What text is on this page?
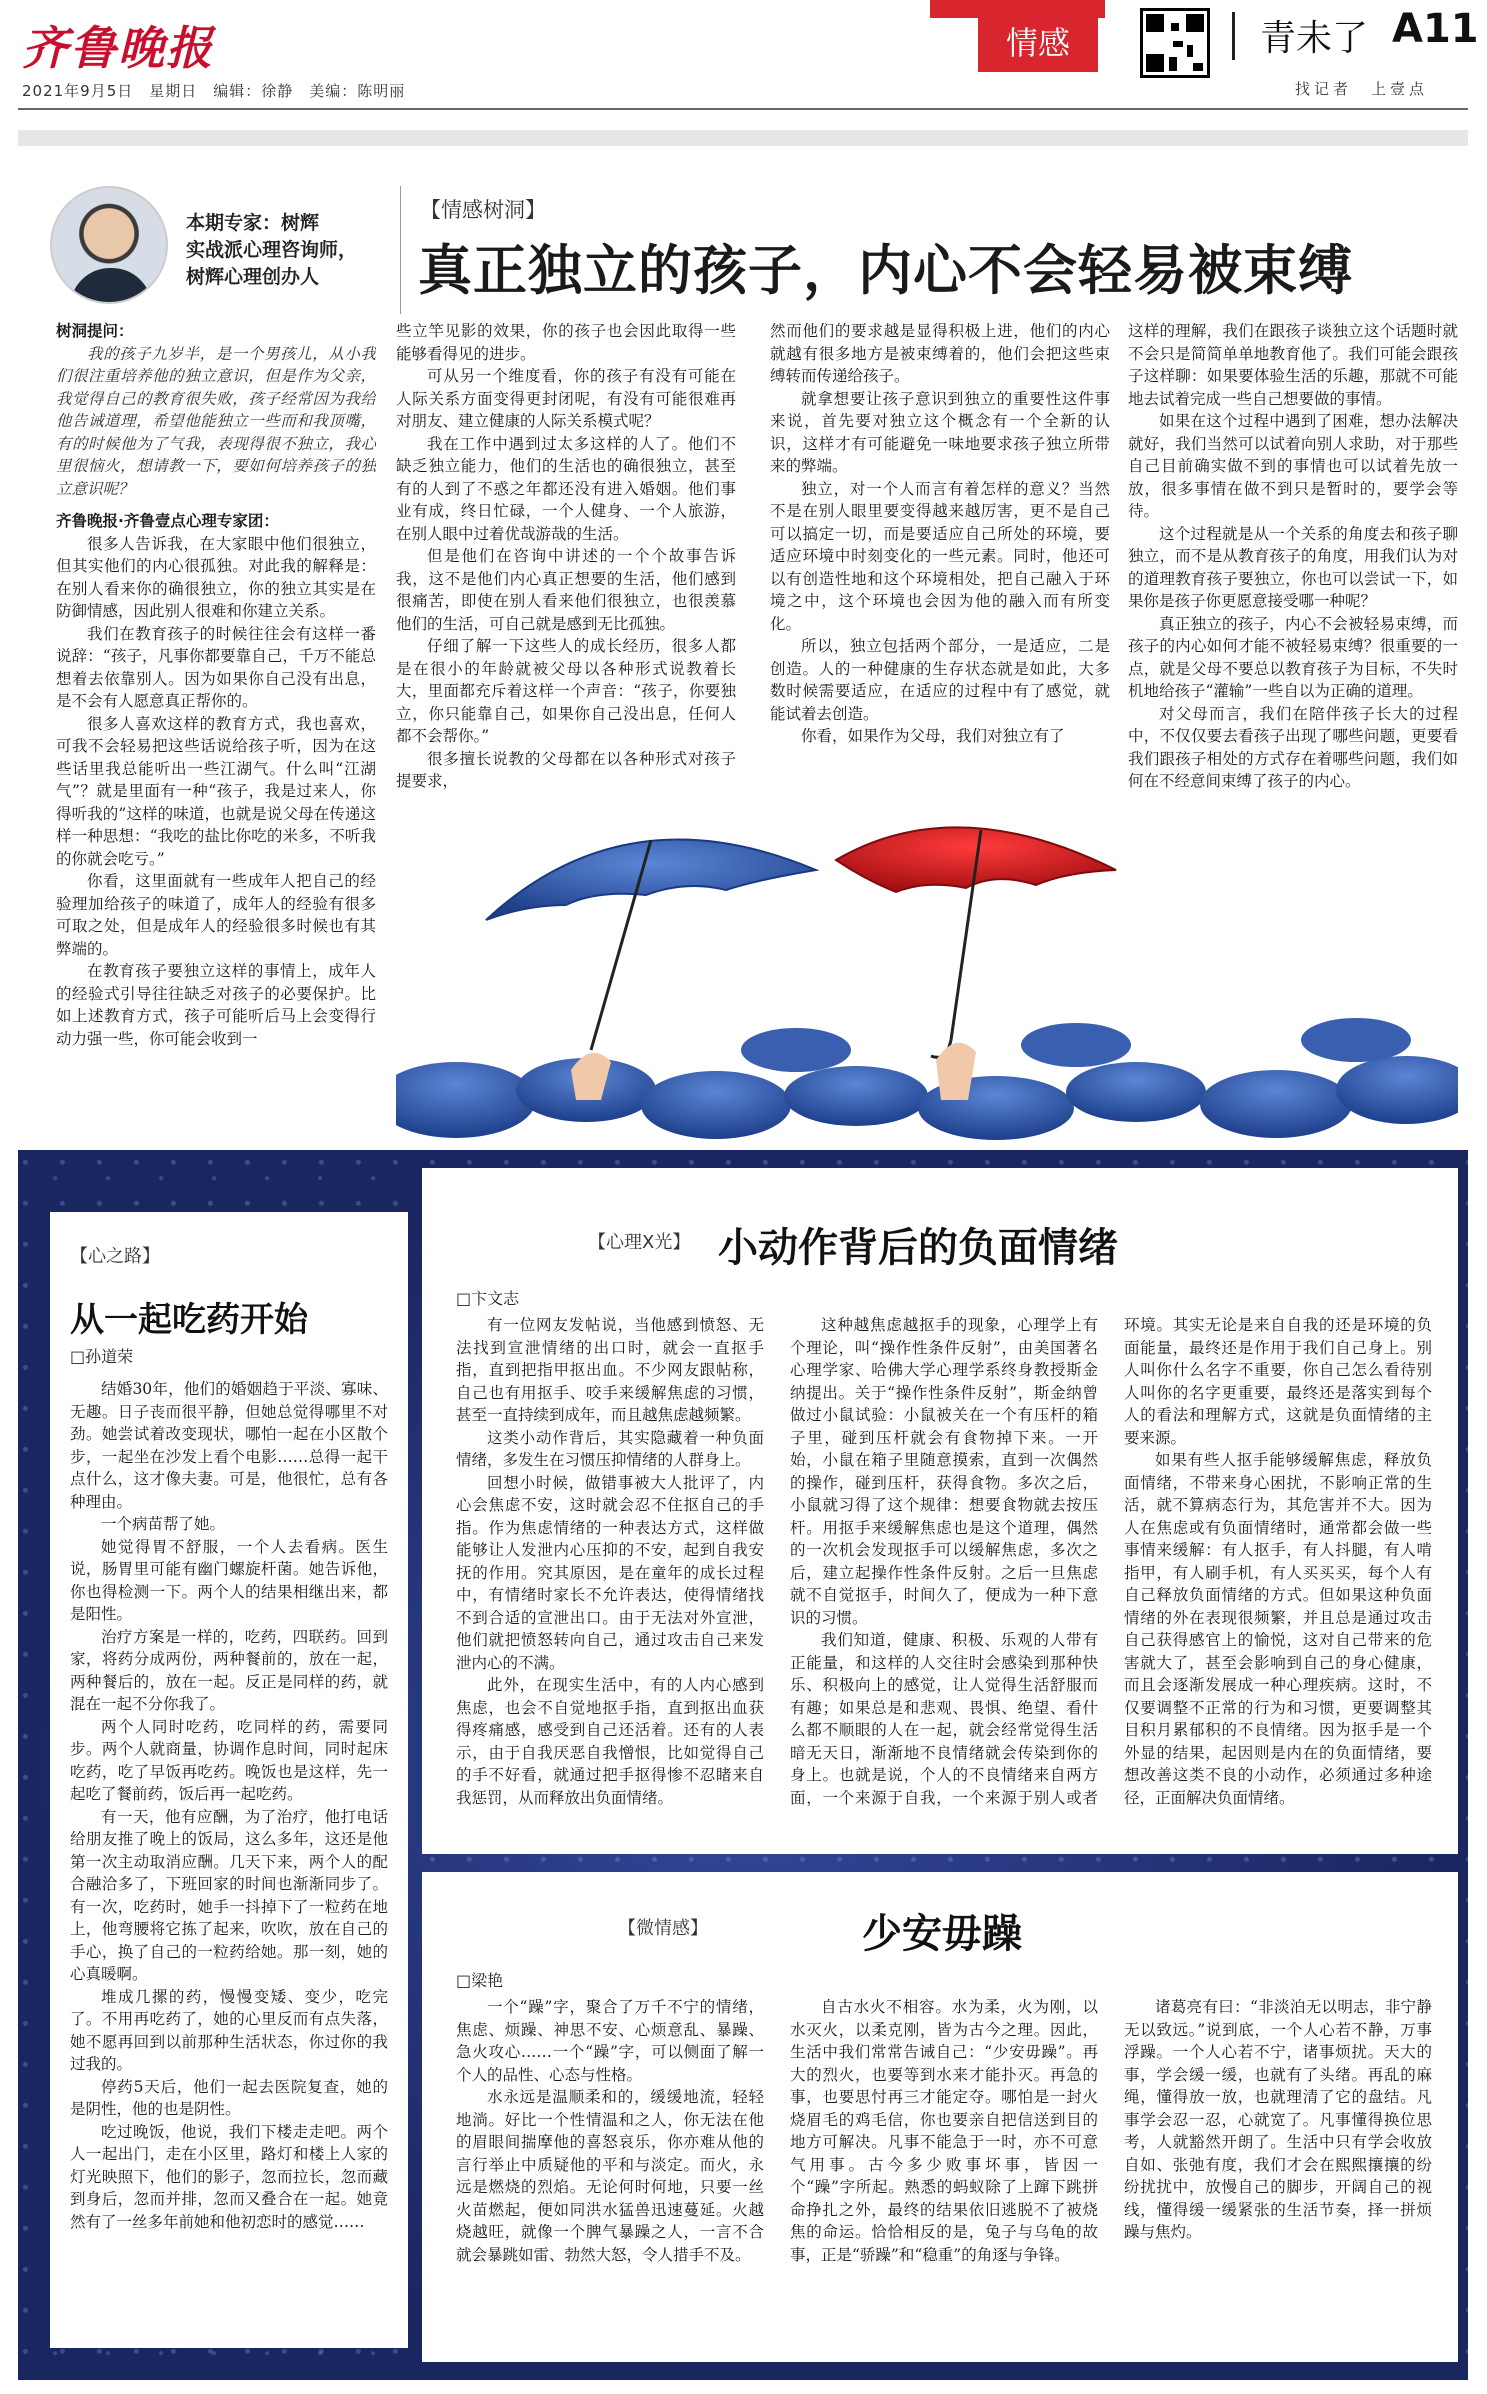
齐鲁晚报
2021年9月5日　星期日　编辑：徐静　美编：陈明丽
情感	青未了 A11
找记者　上壹点
本期专家：树辉
实战派心理咨询师，
树辉心理创办人
【情感树洞】
真正独立的孩子，内心不会轻易被束缚
树洞提问：

我的孩子九岁半，是一个男孩儿，从小我们很注重培养他的独立意识，但是作为父亲，我觉得自己的教育很失败，孩子经常因为我给他告诫道理，希望他能独立一些而和我顶嘴，有的时候他为了气我，表现得很不独立，我心里很恼火，想请教一下，要如何培养孩子的独立意识呢？

齐鲁晚报·齐鲁壹点心理专家团：

很多人告诉我，在大家眼中他们很独立，但其实他们的内心很孤独。对此我的解释是：在别人看来你的确很独立，你的独立其实是在防御情感，因此别人很难和你建立关系。

我们在教育孩子的时候往往会有这样一番说辞：“孩子，凡事你都要靠自己，千万不能总想着去依靠别人。因为如果你自己没有出息，是不会有人愿意真正帮你的。

很多人喜欢这样的教育方式，我也喜欢，可我不会轻易把这些话说给孩子听，因为在这些话里我总能听出一些江湖气。什么叫“江湖气”？就是里面有一种“孩子，我是过来人，你得听我的”这样的味道，也就是说父母在传递这样一种思想：“我吃的盐比你吃的米多，不听我的你就会吃亏。”

你看，这里面就有一些成年人把自己的经验理加给孩子的味道了，成年人的经验有很多可取之处，但是成年人的经验很多时候也有其弊端的。

在教育孩子要独立这样的事情上，成年人的经验式引导往往缺乏对孩子的必要保护。比如上述教育方式，孩子可能听后马上会变得行动力强一些，你可能会收到一

些立竿见影的效果，你的孩子也会因此取得一些能够看得见的进步。

可从另一个维度看，你的孩子有没有可能在人际关系方面变得更封闭呢，有没有可能很难再对朋友、建立健康的人际关系模式呢？

我在工作中遇到过太多这样的人了。他们不缺乏独立能力，他们的生活也的确很独立，甚至有的人到了不惑之年都还没有进入婚姻。他们事业有成，终日忙碌，一个人健身、一个人旅游，在别人眼中过着优哉游哉的生活。

但是他们在咨询中讲述的一个个故事告诉我，这不是他们内心真正想要的生活，他们感到很痛苦，即使在别人看来他们很独立，也很羡慕他们的生活，可自己就是感到无比孤独。

仔细了解一下这些人的成长经历，很多人都是在很小的年龄就被父母以各种形式说教着长大，里面都充斥着这样一个声音：“孩子，你要独立，你只能靠自己，如果你自己没出息，任何人都不会帮你。”

很多擅长说教的父母都在以各种形式对孩子提要求，

然而他们的要求越是显得积极上进，他们的内心就越有很多地方是被束缚着的，他们会把这些束缚转而传递给孩子。

就拿想要让孩子意识到独立的重要性这件事来说，首先要对独立这个概念有一个全新的认识，这样才有可能避免一味地要求孩子独立所带来的弊端。

独立，对一个人而言有着怎样的意义？当然不是在别人眼里要变得越来越厉害，更不是自己可以搞定一切，而是要适应自己所处的环境，要适应环境中时刻变化的一些元素。同时，他还可以有创造性地和这个环境相处，把自己融入于环境之中，这个环境也会因为他的融入而有所变化。

所以，独立包括两个部分，一是适应，二是创造。人的一种健康的生存状态就是如此，大多数时候需要适应，在适应的过程中有了感觉，就能试着去创造。

你看，如果作为父母，我们对独立有了

这样的理解，我们在跟孩子谈独立这个话题时就不会只是简简单单地教育他了。我们可能会跟孩子这样聊：如果要体验生活的乐趣，那就不可能地去试着完成一些自己想要做的事情。

如果在这个过程中遇到了困难，想办法解决就好，我们当然可以试着向别人求助，对于那些自己目前确实做不到的事情也可以试着先放一放，很多事情在做不到只是暂时的，要学会等待。

这个过程就是从一个关系的角度去和孩子聊独立，而不是从教育孩子的角度，用我们认为对的道理教育孩子要独立，你也可以尝试一下，如果你是孩子你更愿意接受哪一种呢？

真正独立的孩子，内心不会被轻易束缚，而孩子的内心如何才能不被轻易束缚？很重要的一点，就是父母不要总以教育孩子为目标，不失时机地给孩子“灌输”一些自以为正确的道理。

对父母而言，我们在陪伴孩子长大的过程中，不仅仅要去看孩子出现了哪些问题，更要看我们跟孩子相处的方式存在着哪些问题，我们如何在不经意间束缚了孩子的内心。

【心之路】
从一起吃药开始
□孙道荣

结婚30年，他们的婚姻趋于平淡、寡味、无趣。日子丧而很平静，但她总觉得哪里不对劲。她尝试着改变现状，哪怕一起在小区散个步，一起坐在沙发上看个电影……总得一起干点什么，这才像夫妻。可是，他很忙，总有各种理由。

一个病苗帮了她。

她觉得胃不舒服，一个人去看病。医生说，肠胃里可能有幽门螺旋杆菌。她告诉他，你也得检测一下。两个人的结果相继出来，都是阳性。

治疗方案是一样的，吃药，四联药。回到家，将药分成两份，两种餐前的，放在一起，两种餐后的，放在一起。反正是同样的药，就混在一起不分你我了。

两个人同时吃药，吃同样的药，需要同步。两个人就商量，协调作息时间，同时起床吃药，吃了早饭再吃药。晚饭也是这样，先一起吃了餐前药，饭后再一起吃药。

有一天，他有应酬，为了治疗，他打电话给朋友推了晚上的饭局，这么多年，这还是他第一次主动取消应酬。几天下来，两个人的配合融洽多了，下班回家的时间也渐渐同步了。有一次，吃药时，她手一抖掉下了一粒药在地上，他弯腰将它拣了起来，吹吹，放在自己的手心，换了自己的一粒药给她。那一刻，她的心真暖啊。

堆成几摞的药，慢慢变矮、变少，吃完了。不用再吃药了，她的心里反而有点失落，她不愿再回到以前那种生活状态，你过你的我过我的。

停药5天后，他们一起去医院复查，她的是阴性，他的也是阴性。

吃过晚饭，他说，我们下楼走走吧。两个人一起出门，走在小区里，路灯和楼上人家的灯光映照下，他们的影子，忽而拉长，忽而藏到身后，忽而并排，忽而又叠合在一起。她竟然有了一丝多年前她和他初恋时的感觉……

【心理X光】 小动作背后的负面情绪
□卞文志

有一位网友发帖说，当他感到愤怒、无法找到宣泄情绪的出口时，就会一直抠手指，直到把指甲抠出血。不少网友跟帖称，自己也有用抠手、咬手来缓解焦虑的习惯，甚至一直持续到成年，而且越焦虑越频繁。

这类小动作背后，其实隐藏着一种负面情绪，多发生在习惯压抑情绪的人群身上。

回想小时候，做错事被大人批评了，内心会焦虑不安，这时就会忍不住抠自己的手指。作为焦虑情绪的一种表达方式，这样做能够让人发泄内心压抑的不安，起到自我安抚的作用。究其原因，是在童年的成长过程中，有情绪时家长不允许表达，使得情绪找不到合适的宣泄出口。由于无法对外宣泄，他们就把愤怒转向自己，通过攻击自己来发泄内心的不满。

此外，在现实生活中，有的人内心感到焦虑，也会不自觉地抠手指，直到抠出血获得疼痛感，感受到自己还活着。还有的人表示，由于自我厌恶自我憎恨，比如觉得自己的手不好看，就通过把手抠得惨不忍睹来自我惩罚，从而释放出负面情绪。

这种越焦虑越抠手的现象，心理学上有个理论，叫“操作性条件反射”，由美国著名心理学家、哈佛大学心理学系终身教授斯金纳提出。关于“操作性条件反射”，斯金纳曾做过小鼠试验：小鼠被关在一个有压杆的箱子里，碰到压杆就会有食物掉下来。一开始，小鼠在箱子里随意摸索，直到一次偶然的操作，碰到压杆，获得食物。多次之后，小鼠就习得了这个规律：想要食物就去按压杆。用抠手来缓解焦虑也是这个道理，偶然的一次机会发现抠手可以缓解焦虑，多次之后，建立起操作性条件反射。之后一旦焦虑就不自觉抠手，时间久了，便成为一种下意识的习惯。

我们知道，健康、积极、乐观的人带有正能量，和这样的人交往时会感染到那种快乐、积极向上的感觉，让人觉得生活舒服而有趣；如果总是和悲观、畏惧、绝望、看什么都不顺眼的人在一起，就会经常觉得生活暗无天日，渐渐地不良情绪就会传染到你的身上。也就是说，个人的不良情绪来自两方面，一个来源于自我，一个来源于别人或者环境。其实无论是来自自我的还是环境的负面能量，最终还是作用于我们自己身上。别人叫你什么名字不重要，你自己怎么看待别人叫你的名字更重要，最终还是落实到每个人的看法和理解方式，这就是负面情绪的主要来源。

如果有些人抠手能够缓解焦虑，释放负面情绪，不带来身心困扰，不影响正常的生活，就不算病态行为，其危害并不大。因为人在焦虑或有负面情绪时，通常都会做一些事情来缓解：有人抠手，有人抖腿，有人啃指甲，有人刷手机，有人买买买，每个人有自己释放负面情绪的方式。但如果这种负面情绪的外在表现很频繁，并且总是通过攻击自己获得感官上的愉悦，这对自己带来的危害就大了，甚至会影响到自己的身心健康，而且会逐渐发展成一种心理疾病。这时，不仅要调整不正常的行为和习惯，更要调整其目积月累郁积的不良情绪。因为抠手是一个外显的结果，起因则是内在的负面情绪，要想改善这类不良的小动作，必须通过多种途径，正面解决负面情绪。

【微情感】	少安毋躁
□梁艳

一个“躁”字，聚合了万千不宁的情绪，焦虑、烦躁、神思不安、心烦意乱、暴躁、急火攻心……一个“躁”字，可以侧面了解一个人的品性、心态与性格。

水永远是温顺柔和的，缓缓地流，轻轻地淌。好比一个性情温和之人，你无法在他的眉眼间揣摩他的喜怒哀乐，你亦难从他的言行举止中质疑他的平和与淡定。而火，永远是燃烧的烈焰。无论何时何地，只要一丝火苗燃起，便如同洪水猛兽迅速蔓延。火越烧越旺，就像一个脾气暴躁之人，一言不合就会暴跳如雷、勃然大怒，令人措手不及。

自古水火不相容。水为柔，火为刚，以水灭火，以柔克刚，皆为古今之理。因此，生活中我们常常告诫自己：“少安毋躁”。再大的烈火，也要等到水来才能扑灭。再急的事，也要思忖再三才能定夺。哪怕是一封火烧眉毛的鸡毛信，你也要亲自把信送到目的地方可解决。凡事不能急于一时，亦不可意气用事。古今多少败事坏事，皆因一个“躁”字所起。熟悉的蚂蚁除了上蹿下跳拼命挣扎之外，最终的结果依旧逃脱不了被烧焦的命运。恰恰相反的是，兔子与乌龟的故事，正是“骄躁”和“稳重”的角逐与争锋。

诸葛亮有曰：“非淡泊无以明志，非宁静无以致远。”说到底，一个人心若不静，万事浮躁。一个人心若不宁，诸事烦扰。天大的事，学会缓一缓，也就有了头绪。再乱的麻绳，懂得放一放，也就理清了它的盘结。凡事学会忍一忍，心就宽了。凡事懂得换位思考，人就豁然开朗了。生活中只有学会收放自如、张弛有度，我们才会在熙熙攘攘的纷纷扰扰中，放慢自己的脚步，开阔自己的视线，懂得缓一缓紧张的生活节奏，择一拼烦躁与焦灼。
